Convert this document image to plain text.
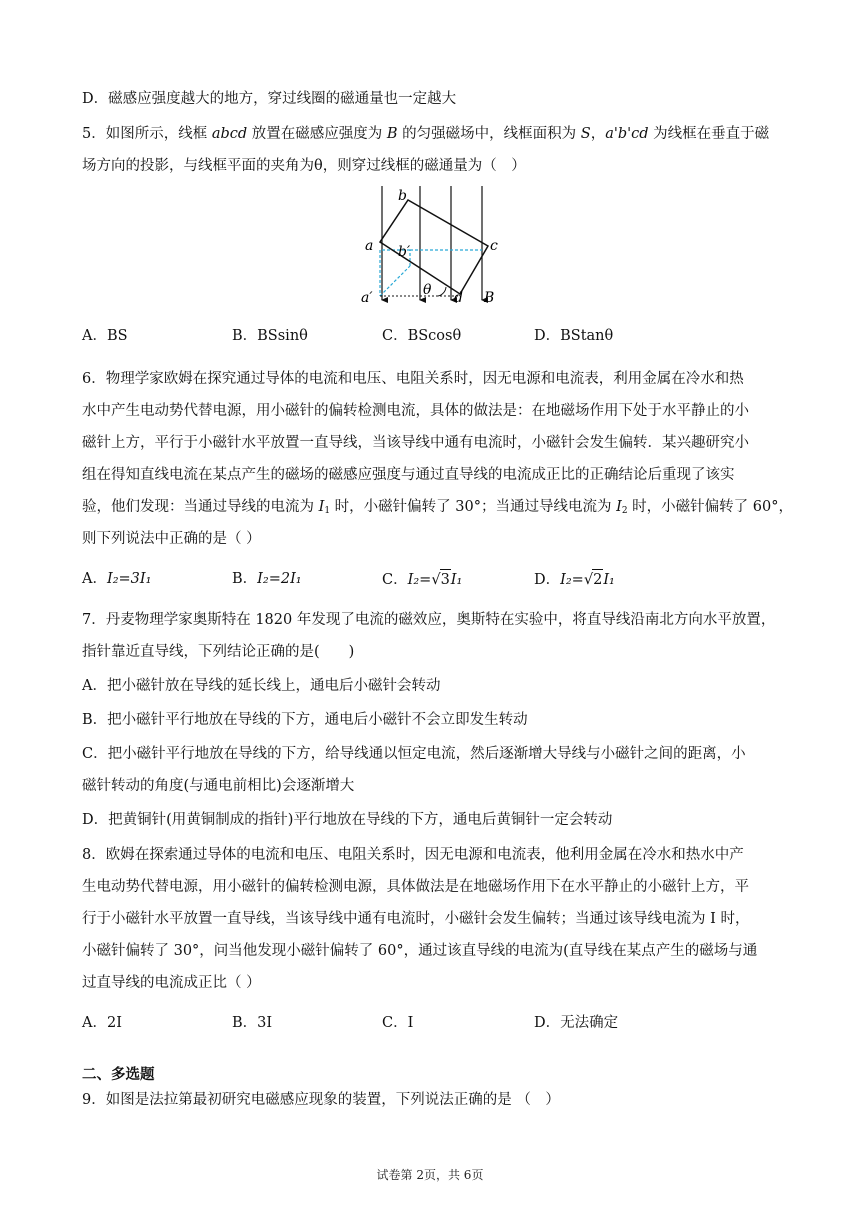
D．磁感应强度越大的地方，穿过线圈的磁通量也一定越大
5．如图所示，线框 abcd 放置在磁感应强度为 B 的匀强磁场中，线框面积为 S，a'b'cd 为线框在垂直于磁
场方向的投影，与线框平面的夹角为θ，则穿过线框的磁通量为（　）
b
a b′	c
a′	θ d B
A．BS	B．BSsinθ	C．BScosθ	D．BStanθ
6．物理学家欧姆在探究通过导体的电流和电压、电阻关系时，因无电源和电流表，利用金属在冷水和热
水中产生电动势代替电源，用小磁针的偏转检测电流，具体的做法是：在地磁场作用下处于水平静止的小
磁针上方，平行于小磁针水平放置一直导线，当该导线中通有电流时，小磁针会发生偏转．某兴趣研究小
组在得知直线电流在某点产生的磁场的磁感应强度与通过直导线的电流成正比的正确结论后重现了该实
验，他们发现：当通过导线的电流为 $I_1$ 时，小磁针偏转了 30°；当通过导线电流为 $I_2$ 时，小磁针偏转了 60°，
则下列说法中正确的是（ ）
A．I₂=3I₁	B．I₂=2I₁	C．I₂=√3I₁	D．I₂=√2I₁
7．丹麦物理学家奥斯特在 1820 年发现了电流的磁效应，奥斯特在实验中，将直导线沿南北方向水平放置，
指针靠近直导线，下列结论正确的是(　　)
A．把小磁针放在导线的延长线上，通电后小磁针会转动
B．把小磁针平行地放在导线的下方，通电后小磁针不会立即发生转动
C．把小磁针平行地放在导线的下方，给导线通以恒定电流，然后逐渐增大导线与小磁针之间的距离，小
磁针转动的角度(与通电前相比)会逐渐增大
D．把黄铜针(用黄铜制成的指针)平行地放在导线的下方，通电后黄铜针一定会转动
8．欧姆在探索通过导体的电流和电压、电阻关系时，因无电源和电流表，他利用金属在冷水和热水中产
生电动势代替电源，用小磁针的偏转检测电源，具体做法是在地磁场作用下在水平静止的小磁针上方，平
行于小磁针水平放置一直导线，当该导线中通有电流时，小磁针会发生偏转；当通过该导线电流为 I 时，
小磁针偏转了 30°，问当他发现小磁针偏转了 60°，通过该直导线的电流为(直导线在某点产生的磁场与通
过直导线的电流成正比（ ）
A．2I	B．3I	C．I	D．无法确定
二、多选题
9．如图是法拉第最初研究电磁感应现象的装置，下列说法正确的是 （　）
试卷第 2页，共 6页
